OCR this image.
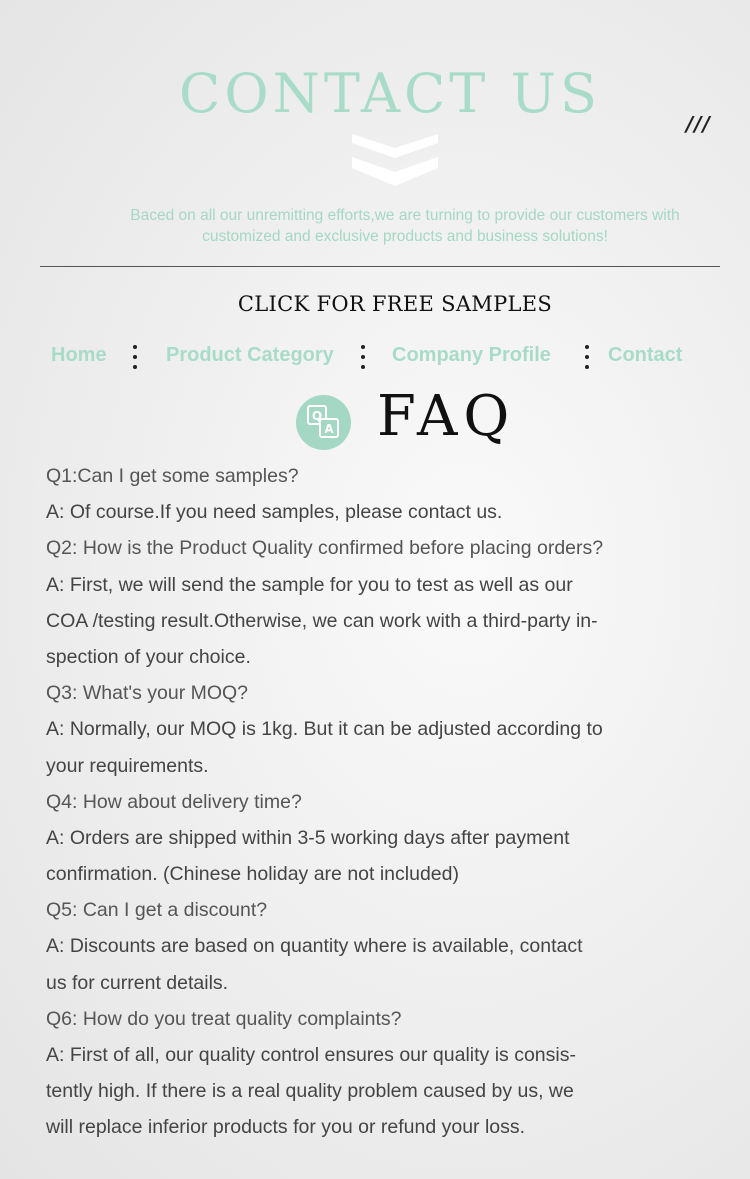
CONTACT US	///

Baced on all our unremitting efforts,we are turning to provide our customers with
customized and exclusive products and business solutions!

CLICK FOR FREE SAMPLES
Home	Product Category	Company Profile	Contact
Q
A FAQ
Q1:Can I get some samples?
A: Of course.If you need samples, please contact us.
Q2: How is the Product Quality confirmed before placing orders?
A: First, we will send the sample for you to test as well as our
COA /testing result.Otherwise, we can work with a third-party in-
spection of your choice.
Q3: What's your MOQ?
A: Normally, our MOQ is 1kg. But it can be adjusted according to
your requirements.
Q4: How about delivery time?
A: Orders are shipped within 3-5 working days after payment
confirmation. (Chinese holiday are not included)
Q5: Can I get a discount?
A: Discounts are based on quantity where is available, contact
us for current details.
Q6: How do you treat quality complaints?
A: First of all, our quality control ensures our quality is consis-
tently high. If there is a real quality problem caused by us, we
will replace inferior products for you or refund your loss.
